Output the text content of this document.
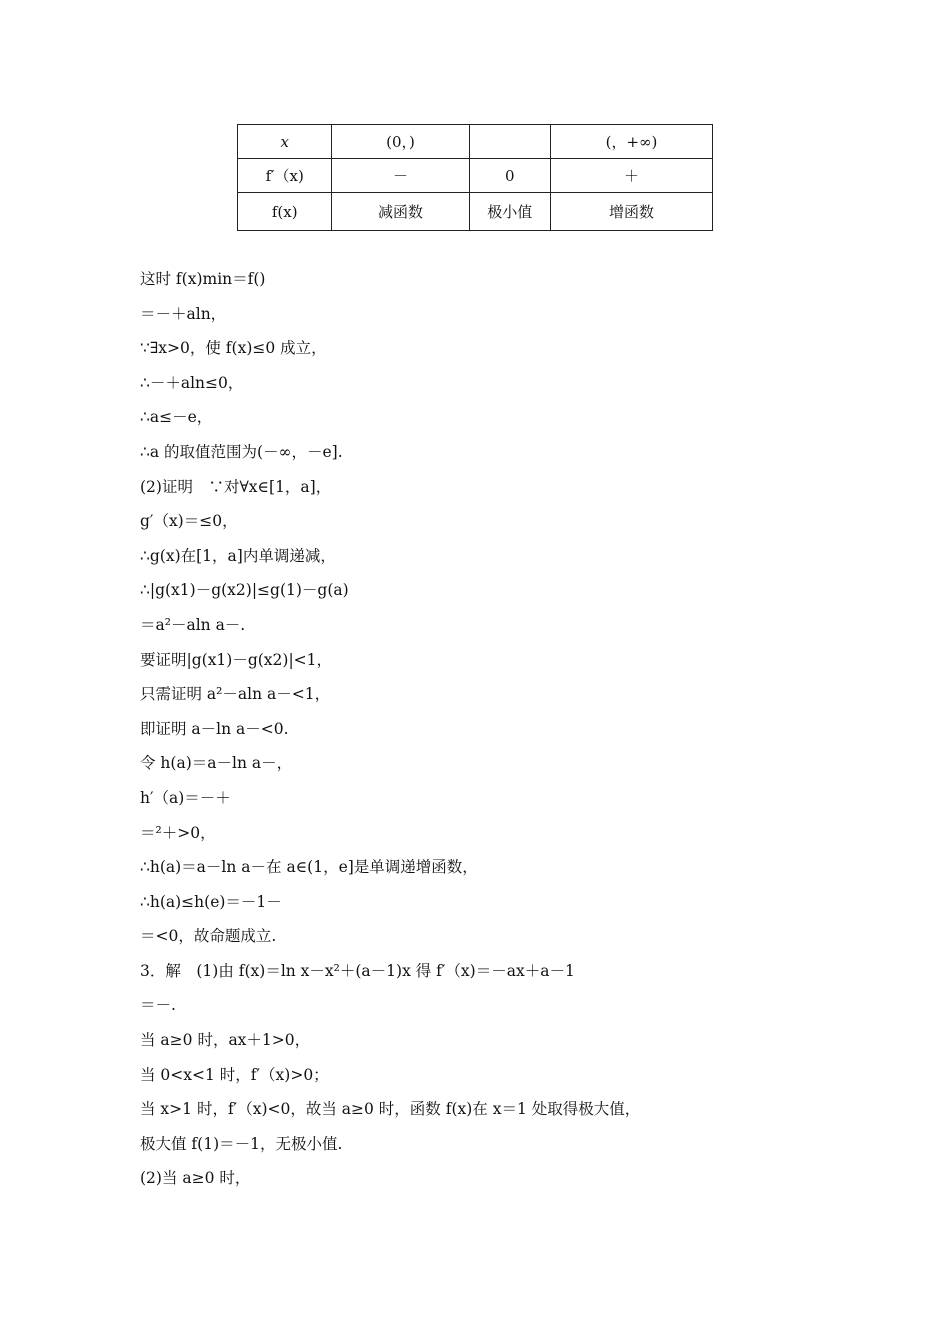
x	(0，)		(，+∞)
f′（x)	－	0	＋
f(x)	减函数	极小值	增函数
这时 f(x)min＝f()
＝－＋aln，
∵∃x>0，使 f(x)≤0 成立，
∴－＋aln≤0，
∴a≤－e，
∴a 的取值范围为(－∞，－e].
(2)证明　∵对∀x∈[1，a]，
g′（x)＝≤0，
∴g(x)在[1，a]内单调递减，
∴|g(x1)－g(x2)|≤g(1)－g(a)
＝a²－aln a－.
要证明|g(x1)－g(x2)|<1，
只需证明 a²－aln a－<1，
即证明 a－ln a－<0.
令 h(a)＝a－ln a－，
h′（a)＝－＋
＝²＋>0，
∴h(a)＝a－ln a－在 a∈(1，e]是单调递增函数，
∴h(a)≤h(e)＝－1－
＝<0，故命题成立.
3．解　(1)由 f(x)＝ln x－x²＋(a－1)x 得 f′（x)＝－ax＋a－1
＝－.
当 a≥0 时，ax＋1>0，
当 0<x<1 时，f′（x)>0；
当 x>1 时，f′（x)<0，故当 a≥0 时，函数 f(x)在 x＝1 处取得极大值，
极大值 f(1)＝－1，无极小值.
(2)当 a≥0 时，
